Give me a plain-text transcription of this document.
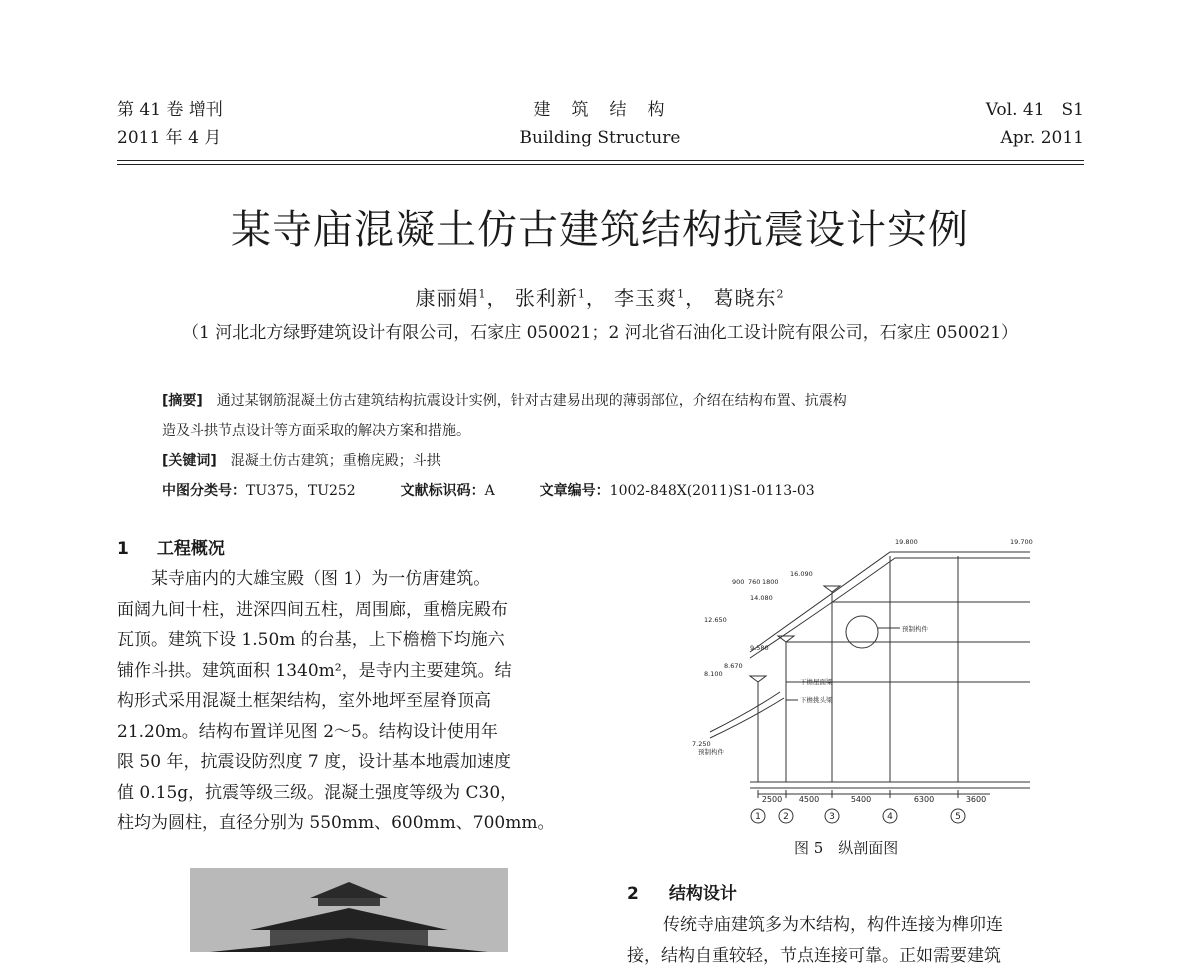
第 41 卷 增刊
2011 年 4 月
建　筑　结　构
Building Structure
Vol. 41　S1
Apr. 2011
某寺庙混凝土仿古建筑结构抗震设计实例
康丽娟$^1$， 张利新$^1$， 李玉爽$^1$， 葛晓东$^2$
（1 河北北方绿野建筑设计有限公司，石家庄 050021；2 河北省石油化工设计院有限公司，石家庄 050021）
[摘要]　 通过某钢筋混凝土仿古建筑结构抗震设计实例，针对古建易出现的薄弱部位，介绍在结构布置、抗震构
造及斗拱节点设计等方面采取的解决方案和措施。
[关键词]　 混凝土仿古建筑；重檐庑殿；斗拱
中图分类号：TU375，TU252	文献标识码：A	文章编号：1002-848X(2011)S1-0113-03
1 工程概况
某寺庙内的大雄宝殿（图 1）为一仿唐建筑。
面阔九间十柱，进深四间五柱，周围廊，重檐庑殿布
瓦顶。建筑下设 1.50m 的台基，上下檐檐下均施六
铺作斗拱。建筑面积 1340m²，是寺内主要建筑。结
构形式采用混凝土框架结构，室外地坪至屋脊顶高
21.20m。结构布置详见图 2～5。结构设计使用年
限 50 年，抗震设防烈度 7 度，设计基本地震加速度
值 0.15g，抗震等级三级。混凝土强度等级为 C30，
柱均为圆柱，直径分别为 550mm、600mm、700mm。
19.800	19.700
16.090
14.080
12.650
9.580
8.670
8.100
7.250
900 760 1800
预制构件
下檐屋面梁
下檐挑头梁
预制构件
2500 4500	5400	6300	3600
1 2	3	4	5
图 5　纵剖面图
2 结构设计
传统寺庙建筑多为木结构，构件连接为榫卯连
接，结构自重较轻，节点连接可靠。正如需要建筑
